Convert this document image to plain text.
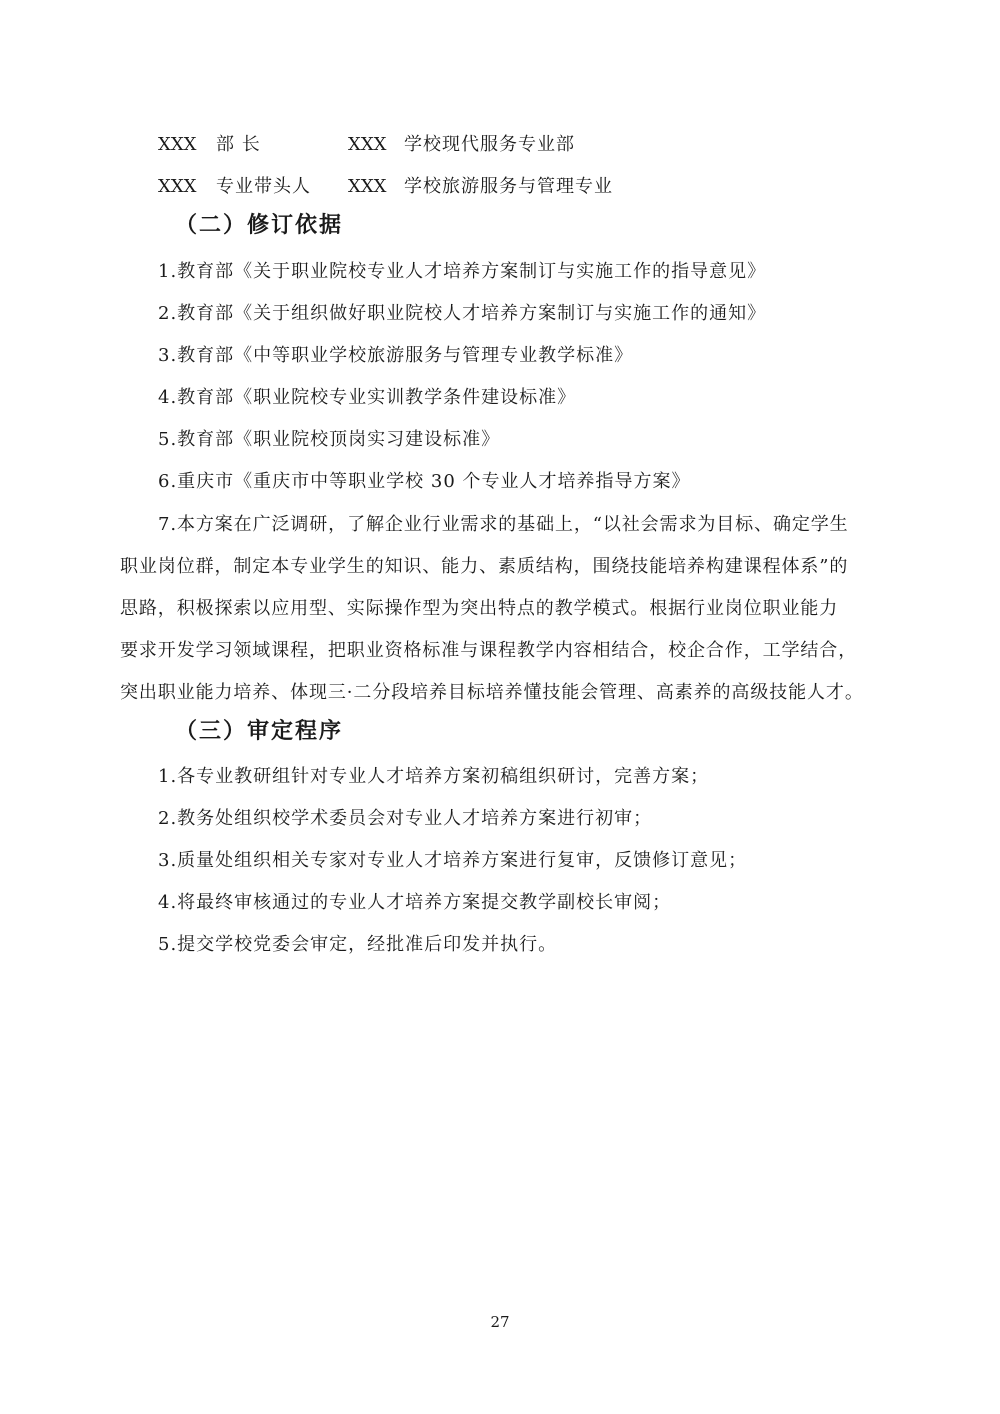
XXX 部 长	XXX 学校现代服务专业部
XXX 专业带头人 XXX 学校旅游服务与管理专业
（二）修订依据
1.教育部《关于职业院校专业人才培养方案制订与实施工作的指导意见》
2.教育部《关于组织做好职业院校人才培养方案制订与实施工作的通知》
3.教育部《中等职业学校旅游服务与管理专业教学标准》
4.教育部《职业院校专业实训教学条件建设标准》
5.教育部《职业院校顶岗实习建设标准》
6.重庆市《重庆市中等职业学校 30 个专业人才培养指导方案》
7.本方案在广泛调研，了解企业行业需求的基础上，“以社会需求为目标、确定学生
职业岗位群，制定本专业学生的知识、能力、素质结构，围绕技能培养构建课程体系”的
思路，积极探索以应用型、实际操作型为突出特点的教学模式。根据行业岗位职业能力
要求开发学习领域课程，把职业资格标准与课程教学内容相结合，校企合作，工学结合，
突出职业能力培养、体现三·二分段培养目标培养懂技能会管理、高素养的高级技能人才。
（三）审定程序
1.各专业教研组针对专业人才培养方案初稿组织研讨，完善方案；
2.教务处组织校学术委员会对专业人才培养方案进行初审；
3.质量处组织相关专家对专业人才培养方案进行复审，反馈修订意见；
4.将最终审核通过的专业人才培养方案提交教学副校长审阅；
5.提交学校党委会审定，经批准后印发并执行。
27
